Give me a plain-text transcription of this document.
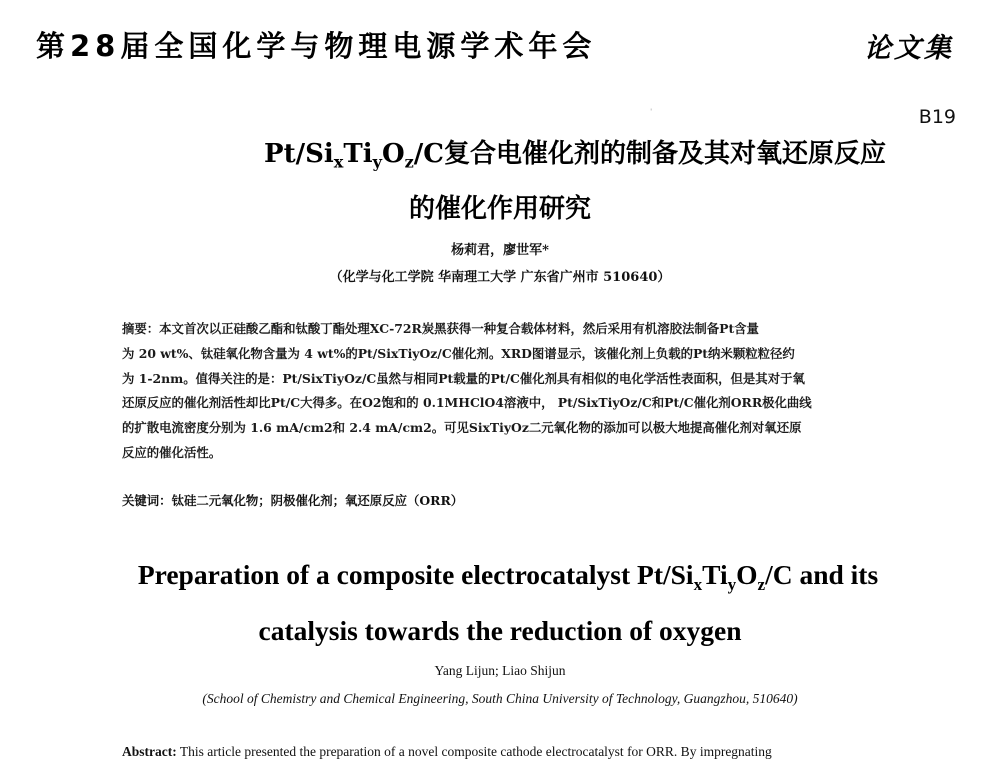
第28届全国化学与物理电源学术年会	论文集
ˈ	B19
$Pt/Si_xTi_yO_z/C$复合电催化剂的制备及其对氧还原反应
的催化作用研究
杨莉君，廖世军*
（化学与化工学院 华南理工大学 广东省广州市 510640）
摘要：本文首次以正硅酸乙酯和钛酸丁酯处理XC-72R炭黑获得一种复合载体材料，然后采用有机溶胶法制备Pt含量
为 20 wt%、钛硅氧化物含量为 4 wt%的Pt/SixTiyOz/C催化剂。XRD图谱显示，该催化剂上负载的Pt纳米颗粒粒径约
为 1-2nm。值得关注的是：Pt/SixTiyOz/C虽然与相同Pt载量的Pt/C催化剂具有相似的电化学活性表面积，但是其对于氧
还原反应的催化剂活性却比Pt/C大得多。在O2饱和的 0.1MHClO4溶液中， Pt/SixTiyOz/C和Pt/C催化剂ORR极化曲线
的扩散电流密度分别为 1.6 mA/cm2和 2.4 mA/cm2。可见SixTiyOz二元氧化物的添加可以极大地提高催化剂对氧还原
反应的催化活性。
关键词：钛硅二元氧化物；阴极催化剂；氧还原反应（ORR）
Preparation of a composite electrocatalyst $Pt/Si_xTi_yO_z/C$ and its
catalysis towards the reduction of oxygen
Yang Lijun; Liao Shijun
(School of Chemistry and Chemical Engineering, South China University of Technology, Guangzhou, 510640)
Abstract: This article presented the preparation of a novel composite cathode electrocatalyst for ORR. By impregnating
